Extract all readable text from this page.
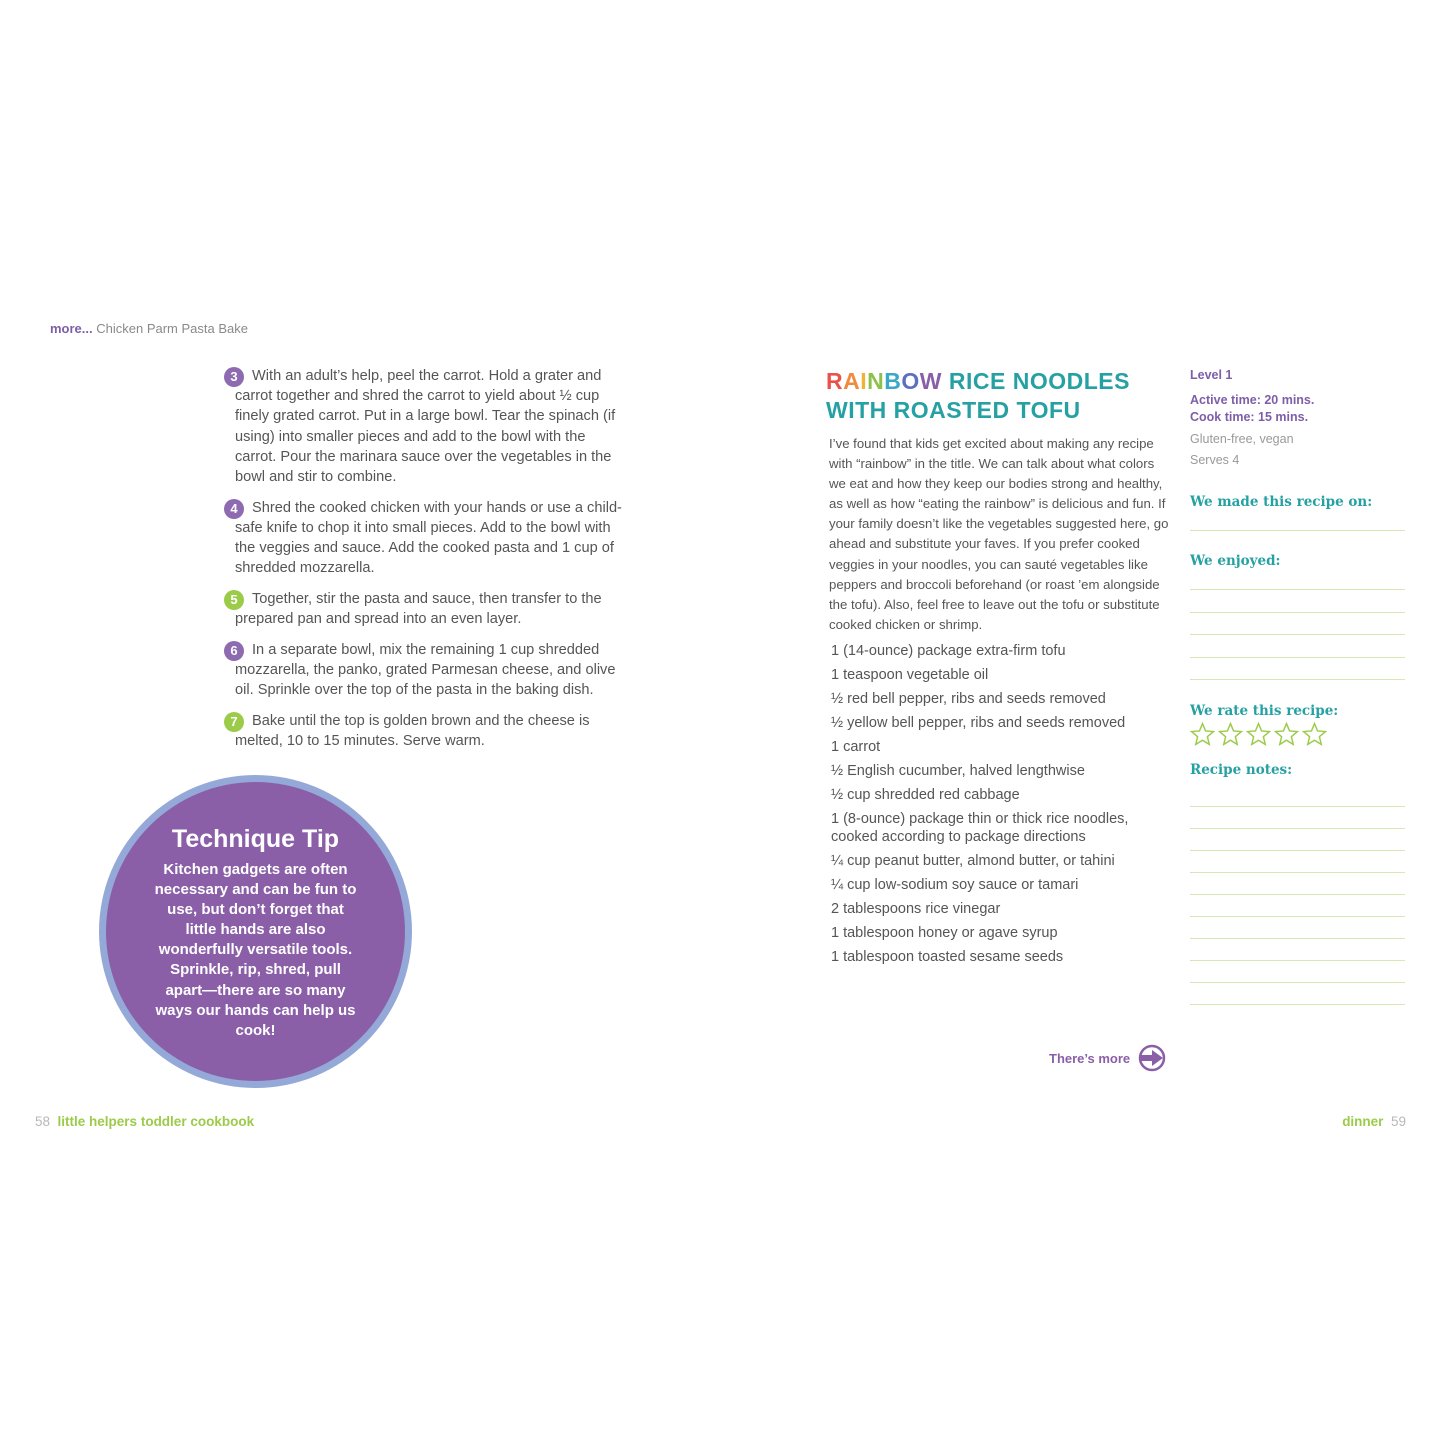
more... Chicken Parm Pasta Bake
3 With an adult’s help, peel the carrot. Hold a grater and carrot together and shred the carrot to yield about ½ cup finely grated carrot. Put in a large bowl. Tear the spinach (if using) into smaller pieces and add to the bowl with the carrot. Pour the marinara sauce over the vegetables in the bowl and stir to combine.
4 Shred the cooked chicken with your hands or use a child-safe knife to chop it into small pieces. Add to the bowl with the veggies and sauce. Add the cooked pasta and 1 cup of shredded mozzarella.
5 Together, stir the pasta and sauce, then transfer to the prepared pan and spread into an even layer.
6 In a separate bowl, mix the remaining 1 cup shredded mozzarella, the panko, grated Parmesan cheese, and olive oil. Sprinkle over the top of the pasta in the baking dish.
7 Bake until the top is golden brown and the cheese is melted, 10 to 15 minutes. Serve warm.
Technique Tip
Kitchen gadgets are often necessary and can be fun to use, but don’t forget that little hands are also wonderfully versatile tools. Sprinkle, rip, shred, pull apart—there are so many ways our hands can help us cook!
58 little helpers toddler cookbook
RAINBOW RICE NOODLES
WITH ROASTED TOFU
I’ve found that kids get excited about making any recipe with “rainbow” in the title. We can talk about what colors we eat and how they keep our bodies strong and healthy, as well as how “eating the rainbow” is delicious and fun. If your family doesn’t like the vegetables suggested here, go ahead and substitute your faves. If you prefer cooked veggies in your noodles, you can sauté vegetables like peppers and broccoli beforehand (or roast ’em alongside the tofu). Also, feel free to leave out the tofu or substitute cooked chicken or shrimp.
1 (14-ounce) package extra-firm tofu
1 teaspoon vegetable oil
½ red bell pepper, ribs and seeds removed
½ yellow bell pepper, ribs and seeds removed
1 carrot
½ English cucumber, halved lengthwise
½ cup shredded red cabbage
1 (8-ounce) package thin or thick rice noodles, cooked according to package directions
¼ cup peanut butter, almond butter, or tahini
¼ cup low-sodium soy sauce or tamari
2 tablespoons rice vinegar
1 tablespoon honey or agave syrup
1 tablespoon toasted sesame seeds
There’s more
Level 1
Active time: 20 mins.
Cook time: 15 mins.
Gluten-free, vegan
Serves 4
We made this recipe on:
We enjoyed:
We rate this recipe:
Recipe notes:
dinner 59
